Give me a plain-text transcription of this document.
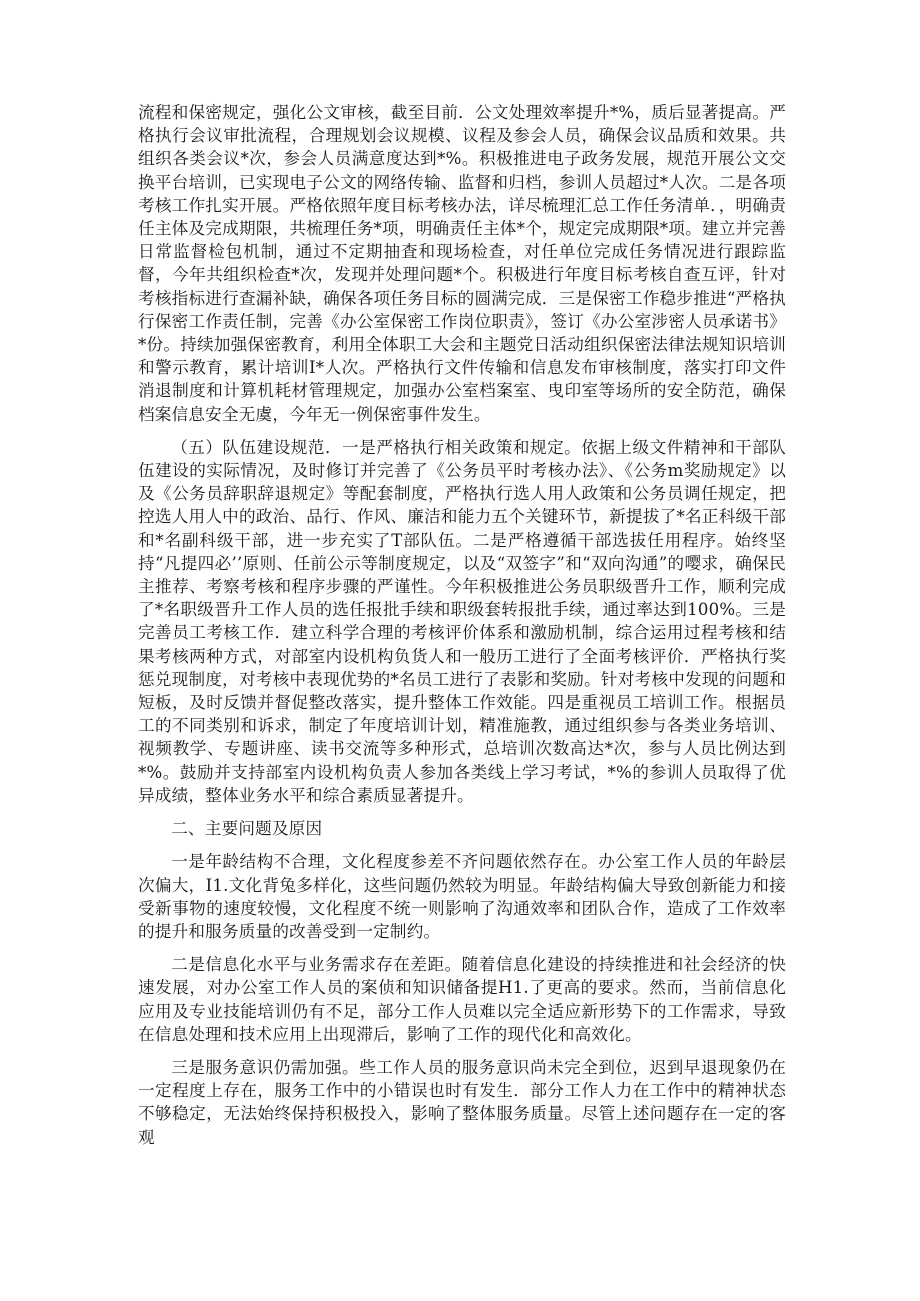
流程和保密规定，强化公文审核，截至目前．公文处理效率提升*%，质后显著提高。严格执行会议审批流程，合理规划会议规模、议程及参会人员，确保会议品质和效果。共组织各类会议*次，参会人员满意度达到*%。积极推进电子政务发展，规范开展公文交换平台培训，已实现电子公文的网络传输、监督和归档，参训人员超过*人次。二是各项考核工作扎实开展。严格依照年度目标考核办法，详尽梳理汇总工作任务清单．，明确责任主体及完成期限，共梳理任务*项，明确责任主体*个，规定完成期限*项。建立并完善日常监督检包机制，通过不定期抽査和现场检查，对任单位完成任务情况进行跟踪监督，今年共组织检查*次，发现并处理问题*个。积极进行年度目标考核自查互评，针对考核指标进行查漏补缺，确保各项任务目标的圆满完成．三是保密工作稳步推进“严格执行保密工作责任制，完善《办公室保密工作岗位职责》，签订《办公室涉密人员承诺书》*份。持续加强保密教育，利用全体职工大会和主题党日活动组织保密法律法规知识培训和警示教育，累计培训I*人次。严格执行文件传输和信息发布审核制度，落实打印文件消退制度和计算机耗材管理规定，加强办公室档案室、曳印室等场所的安全防范，确保档案信息安全无虞，今年无一例保密事件发生。

（五）队伍建设规范．一是严格执行相关政策和规定。依据上级文件精神和干部队伍建设的实际情况，及时修订并完善了《公务员平时考核办法》、《公务m奖励规定》以及《公务员辞职辞退规定》等配套制度，严格执行选人用人政策和公务员调任规定，把控选人用人中的政治、品行、作风、廉洁和能力五个关键环节，新提拔了*名正科级干部和*名副科级干部，进一步充实了T部队伍。二是严格遵循干部选拔任用程序。始终坚持“凡提四必’’原则、任前公示等制度规定，以及“双签字”和“双向沟通”的嘤求，确保民主推荐、考察考核和程序步骤的严谨性。今年积极推进公务员职级晋升工作，顺利完成了*名职级晋升工作人员的选任报批手续和职级套转报批手续，通过率达到100%。三是完善员工考核工作．建立科学合理的考核评价体系和激励机制，综合运用过程考核和结果考核两种方式，对部室内设机构负货人和一般历工进行了全面考核评价．严格执行奖惩兑现制度，对考核中表现优势的*名员工进行了表影和奖励。针对考核中发现的问题和短板，及时反馈并督促整改落实，提升整体工作效能。四是重视员工培训工作。根据员工的不同类别和诉求，制定了年度培训计划，精准施教，通过组织参与各类业务培训、视频教学、专题讲座、读书交流等多种形式，总培训次数高达*次，参与人员比例达到*%。鼓励并支持部室内设机构负责人参加各类线上学习考试，*%的参训人员取得了优异成绩，整体业务水平和综合素质显著提升。

二、主要问题及原因

一是年龄结构不合理，文化程度参差不齐问题依然存在。办公室工作人员的年龄层次偏大，I1.文化背兔多样化，这些问题仍然较为明显。年龄结构偏大导致创新能力和接受新事物的速度较慢，文化程度不统一则影响了沟通效率和团队合作，造成了工作效率的提升和服务质量的改善受到一定制约。

二是信息化水平与业务需求存在差距。随着信息化建设的持续推进和社会经济的快速发展，对办公室工作人员的案侦和知识储备提H1.了更高的要求。然而，当前信息化应用及专业技能培训仍有不足，部分工作人员难以完全适应新形势下的工作需求，导致在信息处理和技术应用上出现滞后，影响了工作的现代化和高效化。

三是服务意识仍需加强。些工作人员的服务意识尚未完全到位，迟到早退现象仍在一定程度上存在，服务工作中的小错误也时有发生．部分工作人力在工作中的精神状态不够稳定，无法始终保持积极投入，影响了整体服务质量。尽管上述问题存在一定的客观
